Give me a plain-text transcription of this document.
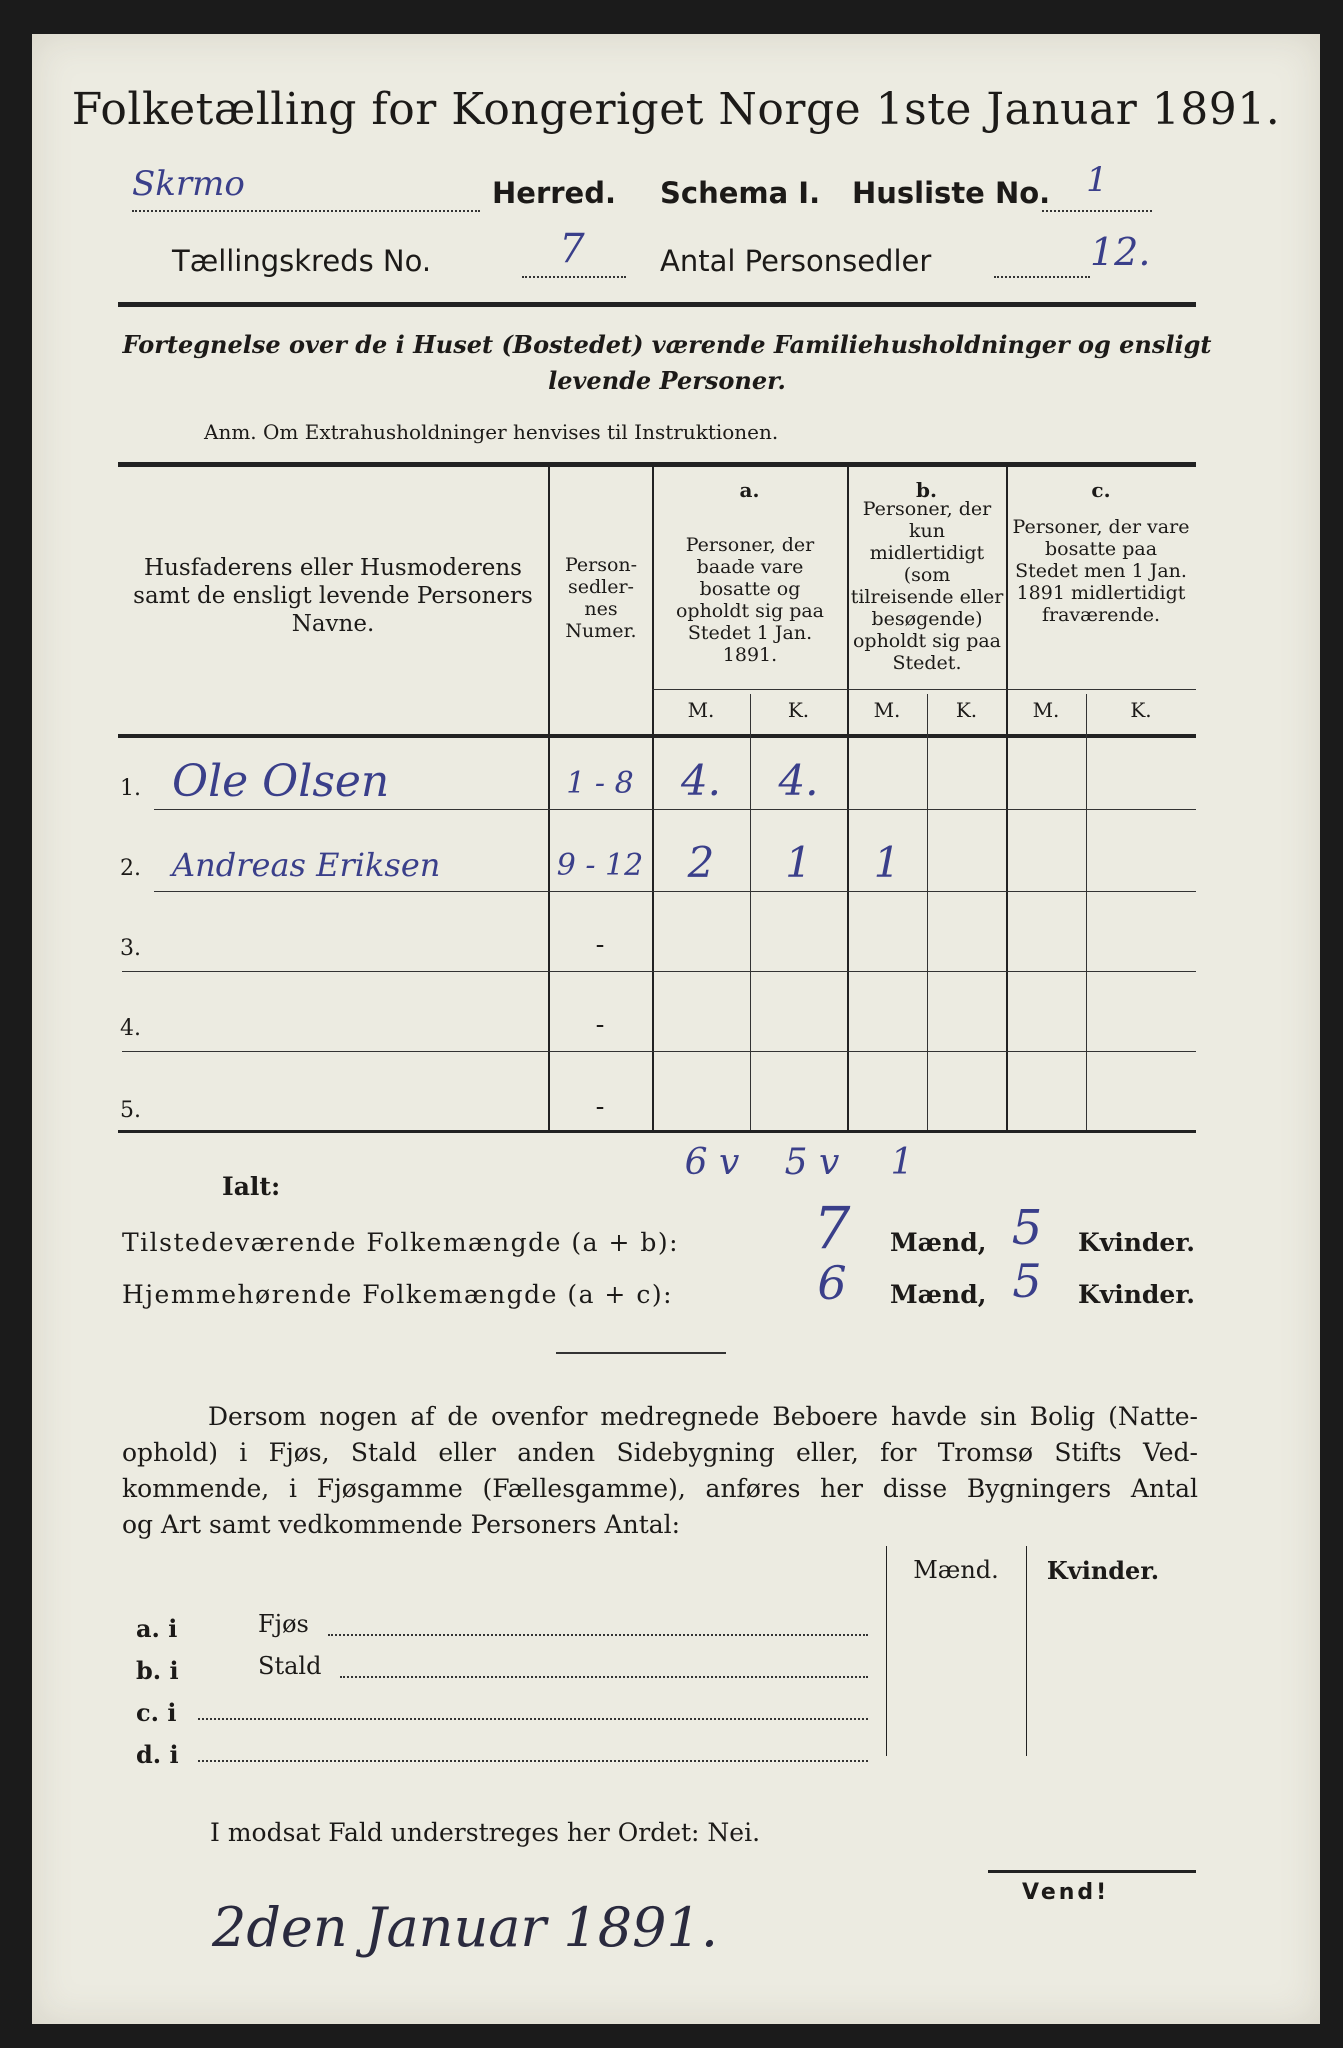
Folketælling for Kongeriget Norge 1ste Januar 1891.
Skrmo	Herred. Schema I. Husliste No.	1
Tællingskreds No.	7	Antal Personsedler	12.
Fortegnelse over de i Huset (Bostedet) værende Familiehusholdninger og ensligt
levende Personer.
Anm. Om Extrahusholdninger henvises til Instruktionen.
Husfaderens eller Husmoderens samt de ensligt levende Personers Navne.
Person-sedler-nes Numer.
a.
Personer, der baade vare bosatte og opholdt sig paa Stedet 1 Jan. 1891.
b.
Personer, der kun midlertidigt (som tilreisende eller besøgende) opholdt sig paa Stedet.
c.
Personer, der vare bosatte paa Stedet men 1 Jan. 1891 midlertidigt fraværende.
M.	K.	M.	K.	M.	K.
1. Ole Olsen	1 - 8	4.	4.
2. Andreas Eriksen	9 - 12	2	1	1
3.	-
4.	-
5.	-
Ialt:
6 v	5 v	1
Tilstedeværende Folkemængde (a + b):	7	Mænd, 5	Kvinder.
Hjemmehørende Folkemængde (a + c):	6	Mænd, 5	Kvinder.
Dersom nogen af de ovenfor medregnede Beboere havde sin Bolig (Natte-
ophold) i Fjøs, Stald eller anden Sidebygning eller, for Tromsø Stifts Ved-
kommende, i Fjøsgamme (Fællesgamme), anføres her disse Bygningers Antal
og Art samt vedkommende Personers Antal:
Mænd.	Kvinder.
a. i	Fjøs
b. i	Stald
c. i
d. i
I modsat Fald understreges her Ordet: Nei.
Vend!
2den Januar 1891.
